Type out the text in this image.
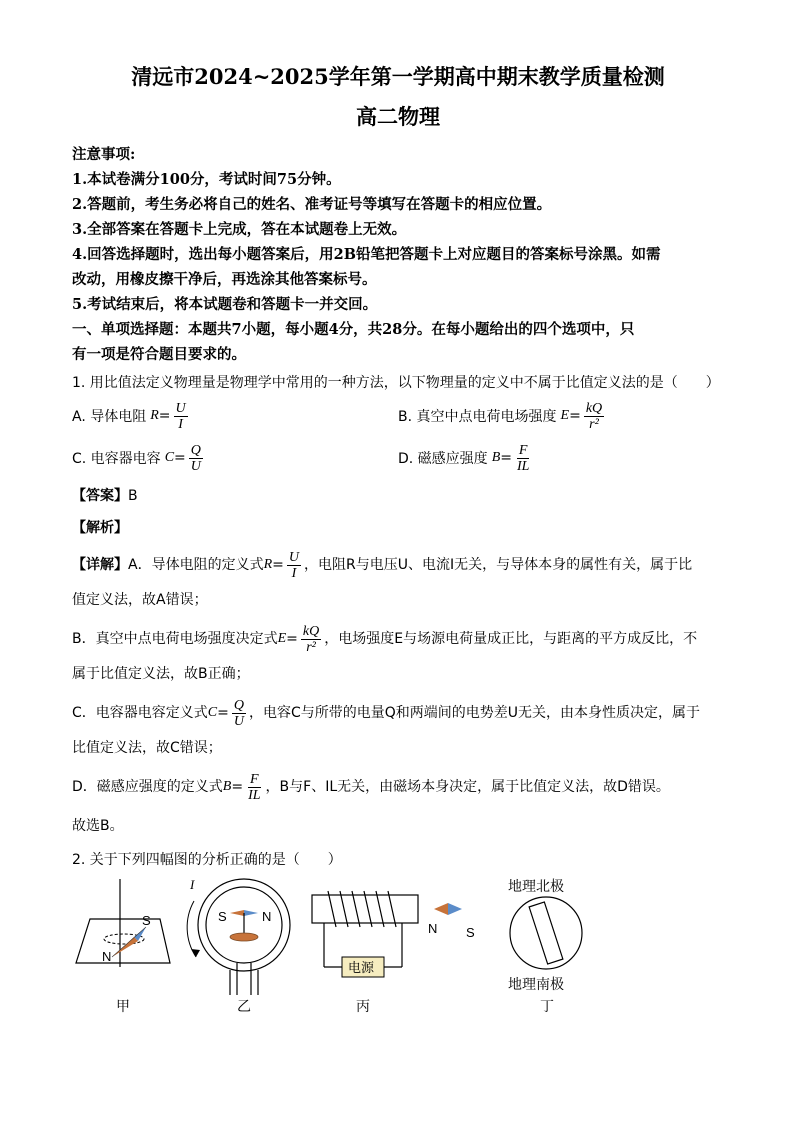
清远市2024~2025学年第一学期高中期末教学质量检测
高二物理
注意事项:
1.本试卷满分100分，考试时间75分钟。
2.答题前，考生务必将自己的姓名、准考证号等填写在答题卡的相应位置。
3.全部答案在答题卡上完成，答在本试题卷上无效。
4.回答选择题时，选出每小题答案后，用2B铅笔把答题卡上对应题目的答案标号涂黑。如需
改动，用橡皮擦干净后，再选涂其他答案标号。
5.考试结束后，将本试题卷和答题卡一并交回。
一、单项选择题：本题共7小题，每小题4分，共28分。在每小题给出的四个选项中，只
有一项是符合题目要求的。
1. 用比值法定义物理量是物理学中常用的一种方法，以下物理量的定义中不属于比值定义法的是（　　）
A. 导体电阻 $R = \frac{U}{I}$	B. 真空中点电荷电场强度 $E = \frac{kQ}{\text{r²}}$
C. 电容器电容 $C = \frac{Q}{U}$	D. 磁感应强度 $B = \frac{F}{IL}$

【答案】B

【解析】

【详解】 A．导体电阻的定义式 $R = \frac{U}{I}$ ，电阻R与电压U、电流I无关，与导体本身的属性有关，属于比

值定义法，故A错误；

B．真空中点电荷电场强度决定式 $E = \frac{kQ}{\text{r²}}$ ，电场强度E与场源电荷量成正比，与距离的平方成反比，不

属于比值定义法，故B正确；

C．电容器电容定义式 $C = \frac{Q}{U}$ ，电容C与所带的电量Q和两端间的电势差U无关，由本身性质决定，属于

比值定义法，故C错误；

D．磁感应强度的定义式 $B = \frac{F}{IL}$ ，B与F、IL无关，由磁场本身决定，属于比值定义法，故D错误。

故选B。

2. 关于下列四幅图的分析正确的是（　　）

S
N
甲
I
S	N
乙
电源
N S
丙
地理北极
地理南极
丁
